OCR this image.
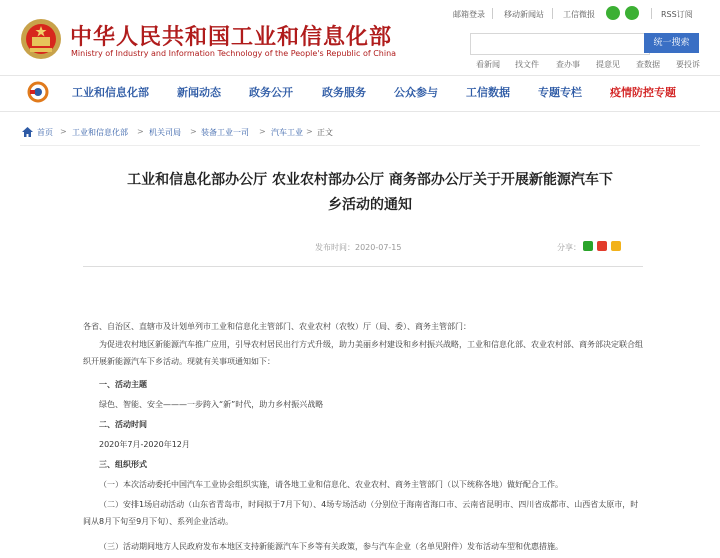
中华人民共和国工业和信息化部
Ministry of Industry and Information Technology of the People's Republic of China
邮箱登录 移动新闻站 工信微报	RSS订阅
统一搜索
看新闻 找文件 查办事 提意见 查数据 要投诉
工业和信息化部	新闻动态	政务公开	政务服务	公众参与	工信数据	专题专栏	疫情防控专题
首页 > 工业和信息化部 > 机关司局 > 装备工业一司 > 汽车工业 > 正文
工业和信息化部办公厅 农业农村部办公厅 商务部办公厅关于开展新能源汽车下
乡活动的通知
发布时间：2020-07-15	分享：
各省、自治区、直辖市及计划单列市工业和信息化主管部门、农业农村（农牧）厅（局、委）、商务主管部门：
为促进农村地区新能源汽车推广应用，引导农村居民出行方式升级，助力美丽乡村建设和乡村振兴战略，工业和信息化部、农业农村部、商务部决定联合组织开展新能源汽车下乡活动。现就有关事项通知如下：
一、活动主题
绿色、智能、安全———一步跨入“新”时代，助力乡村振兴战略
二、活动时间
2020年7月-2020年12月
三、组织形式
（一）本次活动委托中国汽车工业协会组织实施，请各地工业和信息化、农业农村、商务主管部门（以下统称各地）做好配合工作。
（二）安排1场启动活动（山东省青岛市，时间拟于7月下旬）、4场专场活动（分别位于海南省海口市、云南省昆明市、四川省成都市、山西省太原市，时间从8月下旬至9月下旬）、系列企业活动。
（三）活动期间地方人民政府发布本地区支持新能源汽车下乡等有关政策，参与汽车企业（名单见附件）发布活动车型和优惠措施。
